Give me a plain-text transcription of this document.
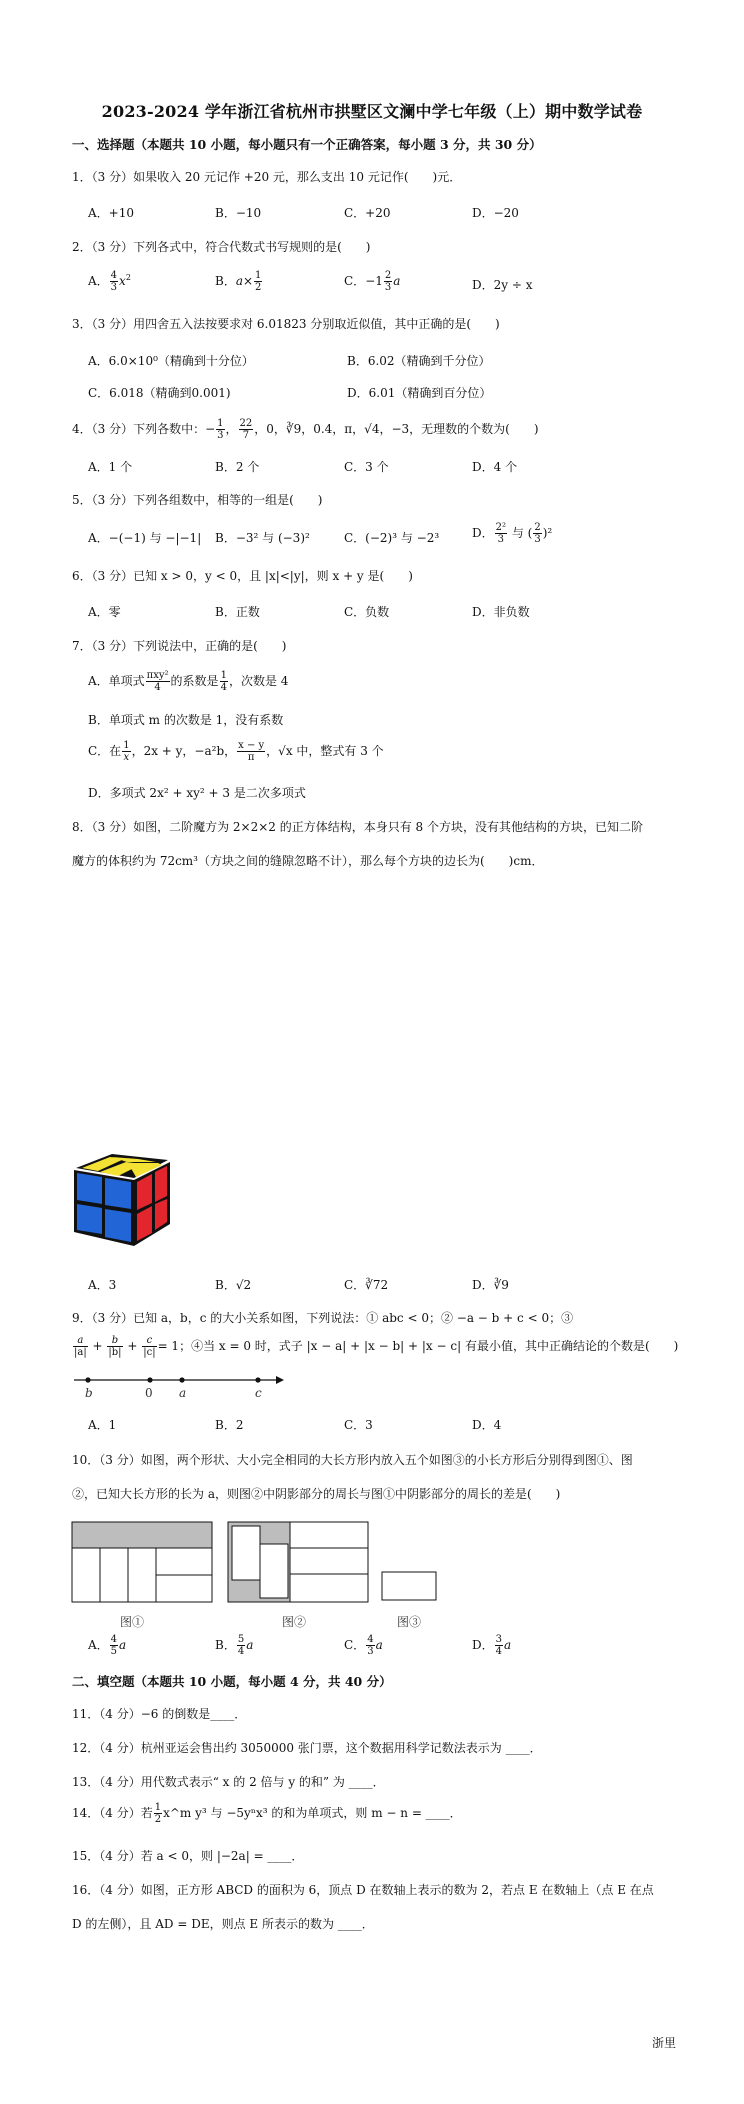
2023-2024 学年浙江省杭州市拱墅区文澜中学七年级（上）期中数学试卷
一、选择题（本题共 10 小题，每小题只有一个正确答案，每小题 3 分，共 30 分）
1．（3 分）如果收入 20 元记作 +20 元，那么支出 10 元记作(　　)元．
A．+10	B．−10	C．+20	D．−20
2．（3 分）下列各式中，符合代数式书写规则的是(　　)
A． $\frac{4}{3} x^2$	B．$a\times \frac{1}{2}$	C．$-1 \frac{2}{3}$ a	D．2y ÷ x
3．（3 分）用四舍五入法按要求对 6.01823 分别取近似值，其中正确的是(　　)
A．6.0×10⁰（精确到十分位）	B．6.02（精确到千分位）
C．6.018（精确到0.001)	D．6.01（精确到百分位）
4．（3 分）下列各数中：− $\frac{1}{3}$ ， $\frac{22}{7}$ ，0，∛9，0.4，π，√4，−3，无理数的个数为(　　)
A．1 个	B．2 个	C．3 个	D．4 个
5．（3 分）下列各组数中，相等的一组是(　　)
A．−(−1) 与 −|−1| B．−3² 与 (−3)²	C．(−2)³ 与 −2³	D． $\frac{\text{2²}}{3}$ 与 ( $\frac{2}{3} )^2$
6．（3 分）已知 x > 0，y < 0，且 |x|<|y|，则 x + y 是(　　)
A．零	B．正数	C．负数	D．非负数
7．（3 分）下列说法中，正确的是(　　)
A．单项式 $\frac{\text{πxy²}}{4}$ 的系数是 $\frac{1}{4}$ ，次数是 4
B．单项式 m 的次数是 1，没有系数
C．在 $\frac{1}{x}$ ，2x + y，−a²b， $\frac{x - y}{\pi}$ ，√x 中，整式有 3 个
D．多项式 2x² + xy² + 3 是二次多项式
8．（3 分）如图，二阶魔方为 2×2×2 的正方体结构，本身只有 8 个方块，没有其他结构的方块，已知二阶
魔方的体积约为 72cm³（方块之间的缝隙忽略不计），那么每个方块的边长为(　　)cm．
A．3	B．√2	C．∛72	D．∛9
9．（3 分）已知 a，b，c 的大小关系如图，下列说法：① abc < 0；② −a − b + c < 0；③
$\frac{a}{|a|} + \frac{b}{|b|} + \frac{c}{|c|} = 1$；④当 x = 0 时，式子 |x − a| + |x − b| + |x − c| 有最小值，其中正确结论的个数是(　　)
b	0 a	c
A．1	B．2	C．3	D．4
10．（3 分）如图，两个形状、大小完全相同的大长方形内放入五个如图③的小长方形后分别得到图①、图
②，已知大长方形的长为 a，则图②中阴影部分的周长与图①中阴影部分的周长的差是(　　)
图①	图②	图③
A． $\frac{4}{5}$ a	B． $\frac{5}{4}$ a	C． $\frac{4}{3}$ a	D． $\frac{3}{4}$ a
二、填空题（本题共 10 小题，每小题 4 分，共 40 分）
11．（4 分）−6 的倒数是____．
12．（4 分）杭州亚运会售出约 3050000 张门票，这个数据用科学记数法表示为 ____．
13．（4 分）用代数式表示“ x 的 2 倍与 y 的和” 为 ____．
14．（4 分）若 $\frac{1}{2}$ x^m y³ 与 −5yⁿx³ 的和为单项式，则 m − n = ____．
15．（4 分）若 a < 0，则 |−2a| = ____．
16．（4 分）如图，正方形 ABCD 的面积为 6，顶点 D 在数轴上表示的数为 2，若点 E 在数轴上（点 E 在点
D 的左侧），且 AD = DE，则点 E 所表示的数为 ____．
浙里
